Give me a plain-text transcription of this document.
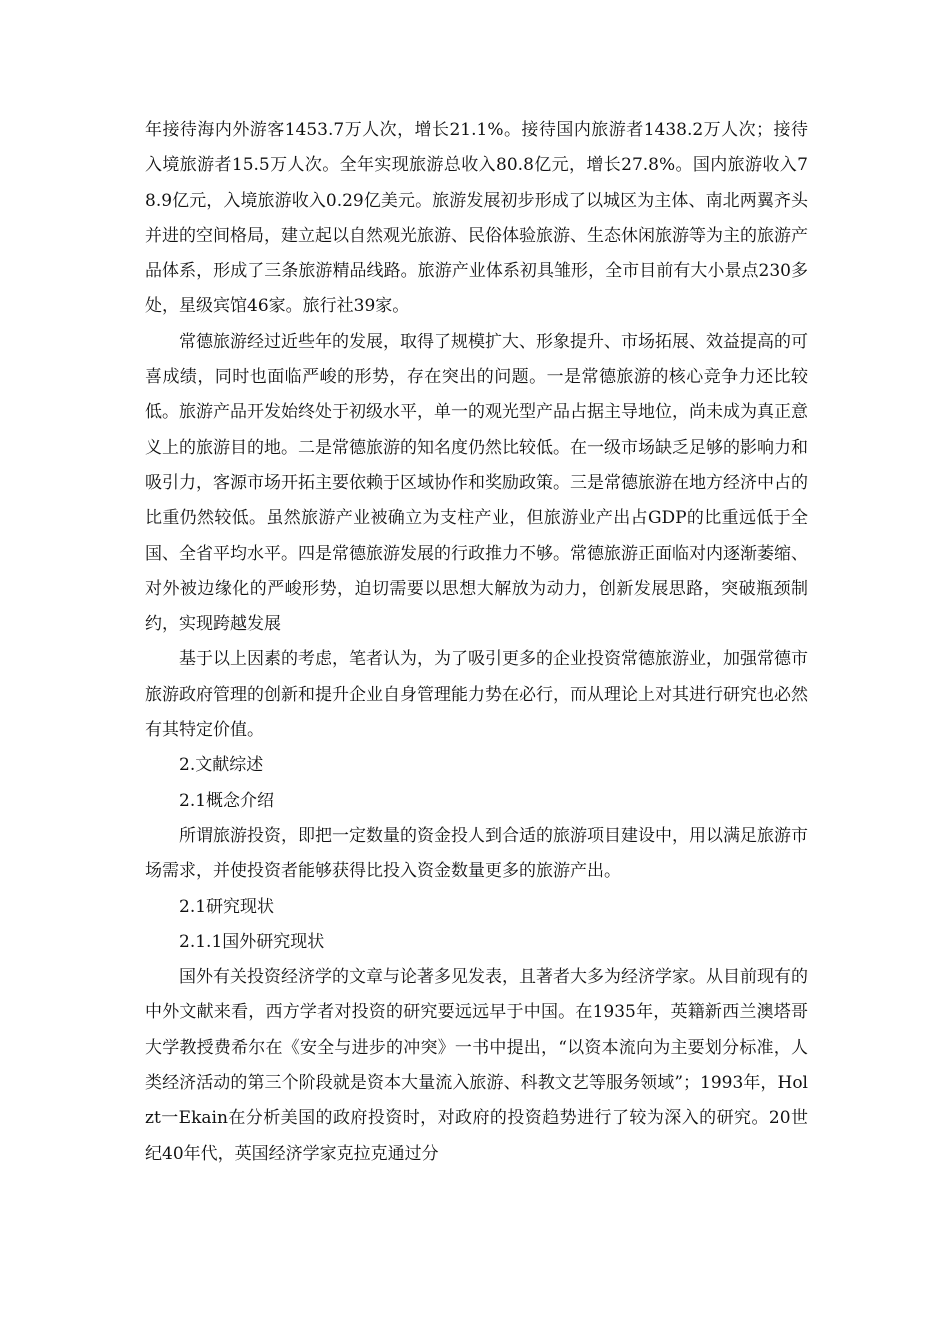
年接待海内外游客1453.7万人次，增长21.1%。接待国内旅游者1438.2万人次；接待入境旅游者15.5万人次。全年实现旅游总收入80.8亿元，增长27.8%。国内旅游收入78.9亿元，入境旅游收入0.29亿美元。旅游发展初步形成了以城区为主体、南北两翼齐头并进的空间格局，建立起以自然观光旅游、民俗体验旅游、生态休闲旅游等为主的旅游产品体系，形成了三条旅游精品线路。旅游产业体系初具雏形，全市目前有大小景点230多处，星级宾馆46家。旅行社39家。

常德旅游经过近些年的发展，取得了规模扩大、形象提升、市场拓展、效益提高的可喜成绩，同时也面临严峻的形势，存在突出的问题。一是常德旅游的核心竞争力还比较低。旅游产品开发始终处于初级水平，单一的观光型产品占据主导地位，尚未成为真正意义上的旅游目的地。二是常德旅游的知名度仍然比较低。在一级市场缺乏足够的影响力和吸引力，客源市场开拓主要依赖于区域协作和奖励政策。三是常德旅游在地方经济中占的比重仍然较低。虽然旅游产业被确立为支柱产业，但旅游业产出占GDP的比重远低于全国、全省平均水平。四是常德旅游发展的行政推力不够。常德旅游正面临对内逐渐萎缩、对外被边缘化的严峻形势，迫切需要以思想大解放为动力，创新发展思路，突破瓶颈制约，实现跨越发展

基于以上因素的考虑，笔者认为，为了吸引更多的企业投资常德旅游业，加强常德市旅游政府管理的创新和提升企业自身管理能力势在必行，而从理论上对其进行研究也必然有其特定价值。

2.文献综述

2.1概念介绍

所谓旅游投资，即把一定数量的资金投人到合适的旅游项目建设中，用以满足旅游市场需求，并使投资者能够获得比投入资金数量更多的旅游产出。

2.1研究现状

2.1.1国外研究现状

国外有关投资经济学的文章与论著多见发表，且著者大多为经济学家。从目前现有的中外文献来看，西方学者对投资的研究要远远早于中国。在1935年，英籍新西兰澳塔哥大学教授费希尔在《安全与进步的冲突》一书中提出，“以资本流向为主要划分标准，人类经济活动的第三个阶段就是资本大量流入旅游、科教文艺等服务领域”；1993年，Holzt一Ekain在分析美国的政府投资时，对政府的投资趋势进行了较为深入的研究。20世纪40年代，英国经济学家克拉克通过分
